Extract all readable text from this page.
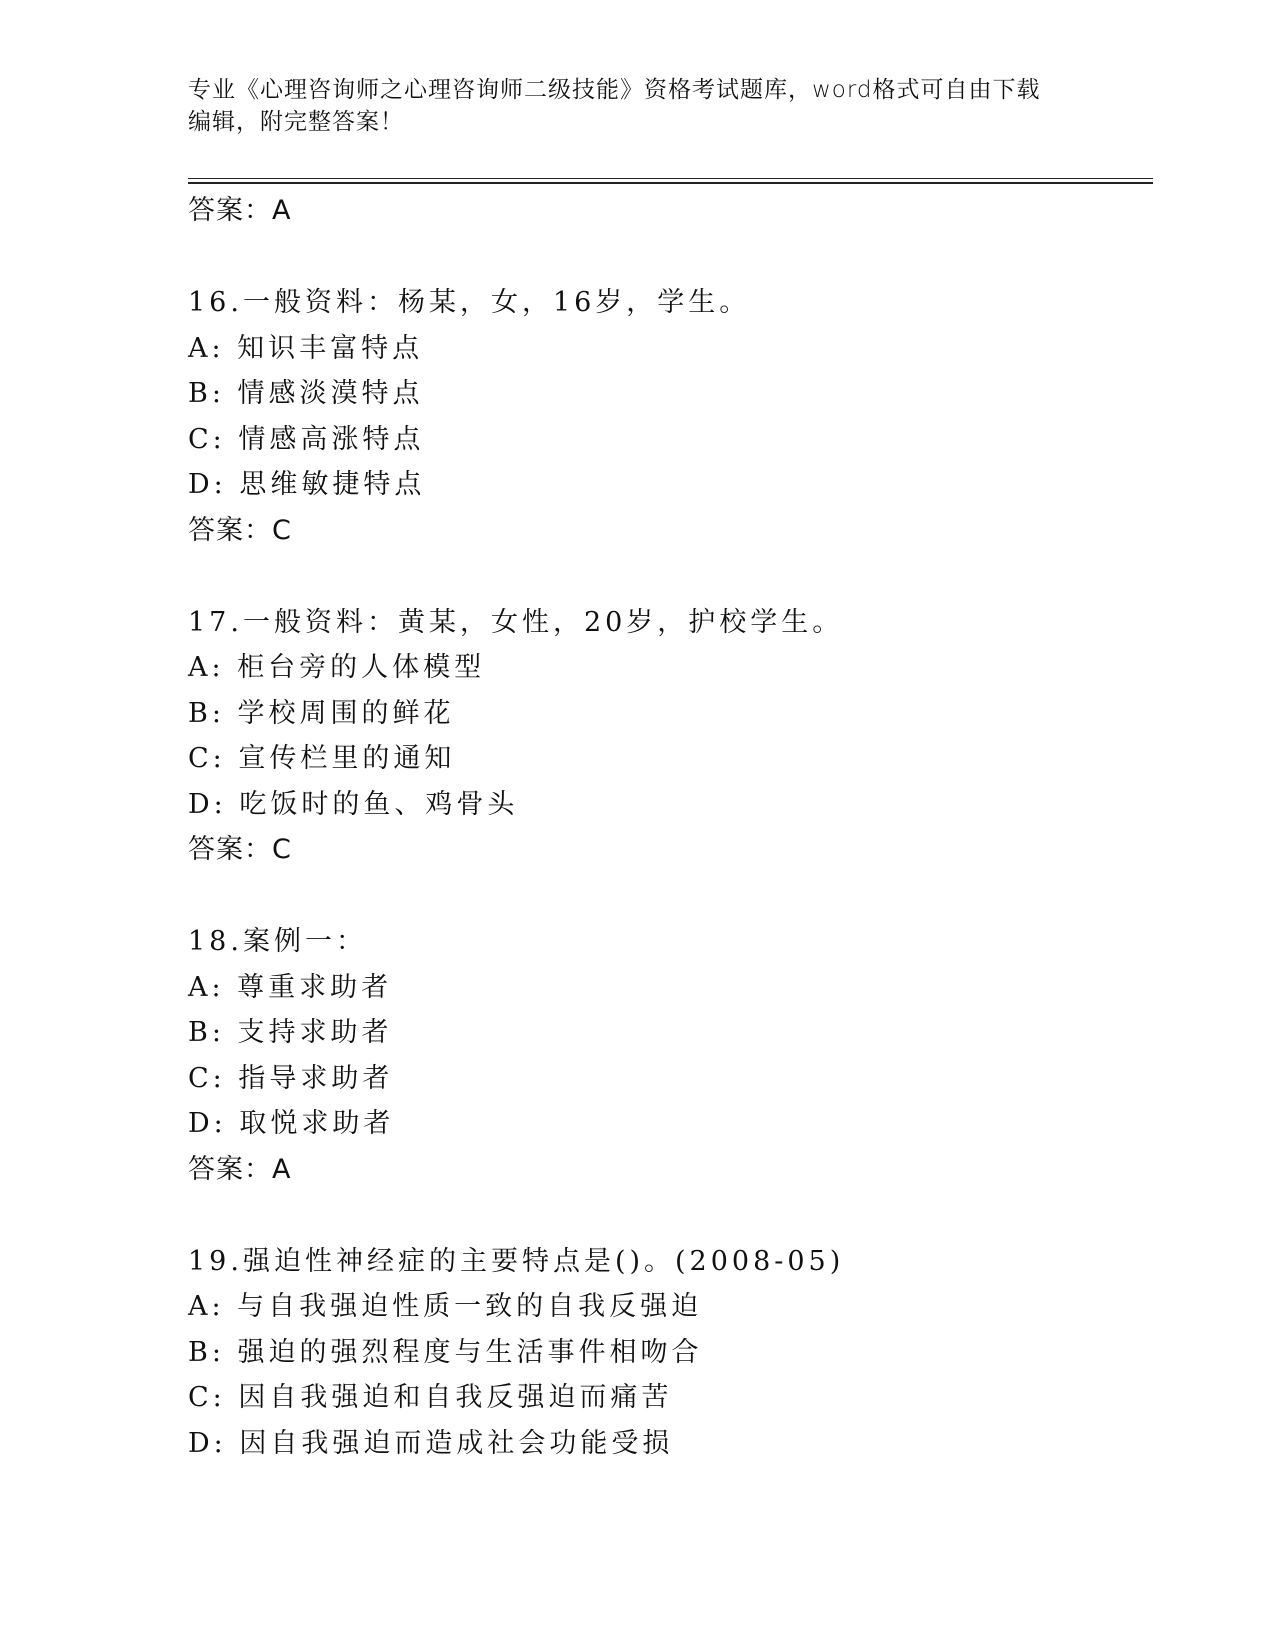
专业《心理咨询师之心理咨询师二级技能》资格考试题库，word格式可自由下载
编辑，附完整答案！
答案：A
16.一般资料：杨某，女，16岁，学生。
A: 知识丰富特点
B: 情感淡漠特点
C: 情感高涨特点
D: 思维敏捷特点
答案：C
17.一般资料：黄某，女性，20岁，护校学生。
A: 柜台旁的人体模型
B: 学校周围的鲜花
C: 宣传栏里的通知
D: 吃饭时的鱼、鸡骨头
答案：C
18.案例一：
A: 尊重求助者
B: 支持求助者
C: 指导求助者
D: 取悦求助者
答案：A
19.强迫性神经症的主要特点是()。(2008-05)
A: 与自我强迫性质一致的自我反强迫
B: 强迫的强烈程度与生活事件相吻合
C: 因自我强迫和自我反强迫而痛苦
D: 因自我强迫而造成社会功能受损
